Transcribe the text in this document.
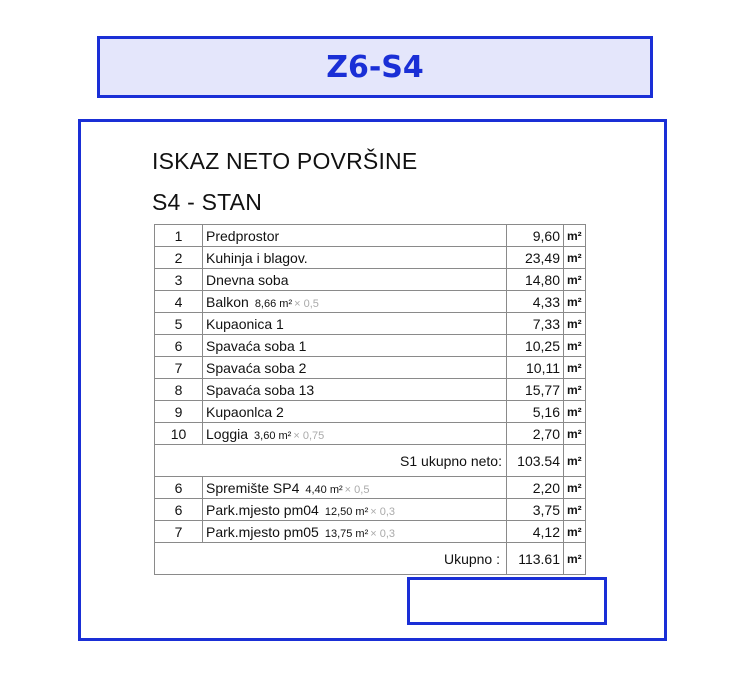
Z6-S4
ISKAZ NETO POVRŠINE
S4 - STAN
1	Predprostor	9,60	m²
2	Kuhinja i blagov.	23,49	m²
3	Dnevna soba	14,80	m²
4	Balkon 8,66 m² × 0,5	4,33	m²
5	Kupaonica 1	7,33	m²
6	Spavaća soba 1	10,25	m²
7	Spavaća soba 2	10,11	m²
8	Spavaća soba 13	15,77	m²
9	Kupaonlca 2	5,16	m²
10	Loggia 3,60 m² × 0,75	2,70	m²
S1 ukupno neto:		103.54	m²
6	Spremište SP4 4,40 m² × 0,5	2,20	m²
6	Park.mjesto pm04 12,50 m² × 0,3	3,75	m²
7	Park.mjesto pm05 13,75 m² × 0,3	4,12	m²
Ukupno :		113.61	m²
